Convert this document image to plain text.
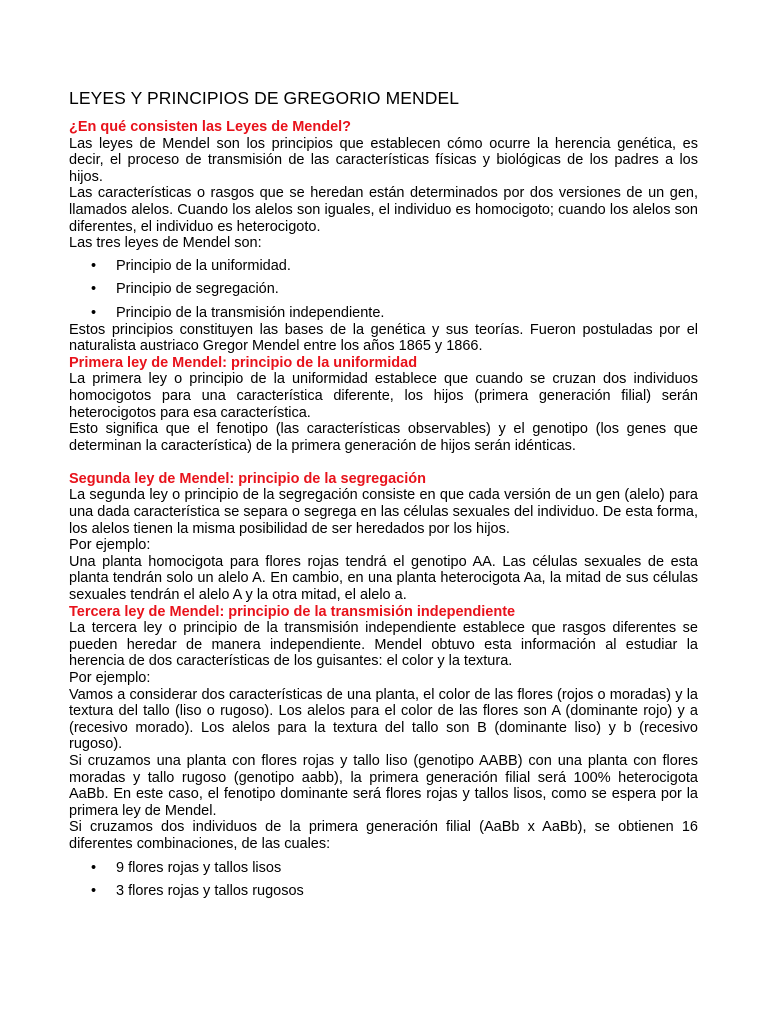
LEYES Y PRINCIPIOS DE GREGORIO MENDEL
¿En qué consisten las Leyes de Mendel?

Las leyes de Mendel son los principios que establecen cómo ocurre la herencia genética, es decir, el proceso de transmisión de las características físicas y biológicas de los padres a los hijos.

Las características o rasgos que se heredan están determinados por dos versiones de un gen, llamados alelos. Cuando los alelos son iguales, el individuo es homocigoto; cuando los alelos son diferentes, el individuo es heterocigoto.

Las tres leyes de Mendel son:

• Principio de la uniformidad.
• Principio de segregación.
• Principio de la transmisión independiente.

Estos principios constituyen las bases de la genética y sus teorías. Fueron postuladas por el naturalista austriaco Gregor Mendel entre los años 1865 y 1866.

Primera ley de Mendel: principio de la uniformidad

La primera ley o principio de la uniformidad establece que cuando se cruzan dos individuos homocigotos para una característica diferente, los hijos (primera generación filial) serán heterocigotos para esa característica.

Esto significa que el fenotipo (las características observables) y el genotipo (los genes que determinan la característica) de la primera generación de hijos serán idénticas.

Segunda ley de Mendel: principio de la segregación

La segunda ley o principio de la segregación consiste en que cada versión de un gen (alelo) para una dada característica se separa o segrega en las células sexuales del individuo. De esta forma, los alelos tienen la misma posibilidad de ser heredados por los hijos.

Por ejemplo:

Una planta homocigota para flores rojas tendrá el genotipo AA. Las células sexuales de esta planta tendrán solo un alelo A. En cambio, en una planta heterocigota Aa, la mitad de sus células sexuales tendrán el alelo A y la otra mitad, el alelo a.

Tercera ley de Mendel: principio de la transmisión independiente

La tercera ley o principio de la transmisión independiente establece que rasgos diferentes se pueden heredar de manera independiente. Mendel obtuvo esta información al estudiar la herencia de dos características de los guisantes: el color y la textura.

Por ejemplo:

Vamos a considerar dos características de una planta, el color de las flores (rojos o moradas) y la textura del tallo (liso o rugoso). Los alelos para el color de las flores son A (dominante rojo) y a (recesivo morado). Los alelos para la textura del tallo son B (dominante liso) y b (recesivo rugoso).

Si cruzamos una planta con flores rojas y tallo liso (genotipo AABB) con una planta con flores moradas y tallo rugoso (genotipo aabb), la primera generación filial será 100% heterocigota AaBb. En este caso, el fenotipo dominante será flores rojas y tallos lisos, como se espera por la primera ley de Mendel.

Si cruzamos dos individuos de la primera generación filial (AaBb x AaBb), se obtienen 16 diferentes combinaciones, de las cuales:

• 9 flores rojas y tallos lisos
• 3 flores rojas y tallos rugosos
